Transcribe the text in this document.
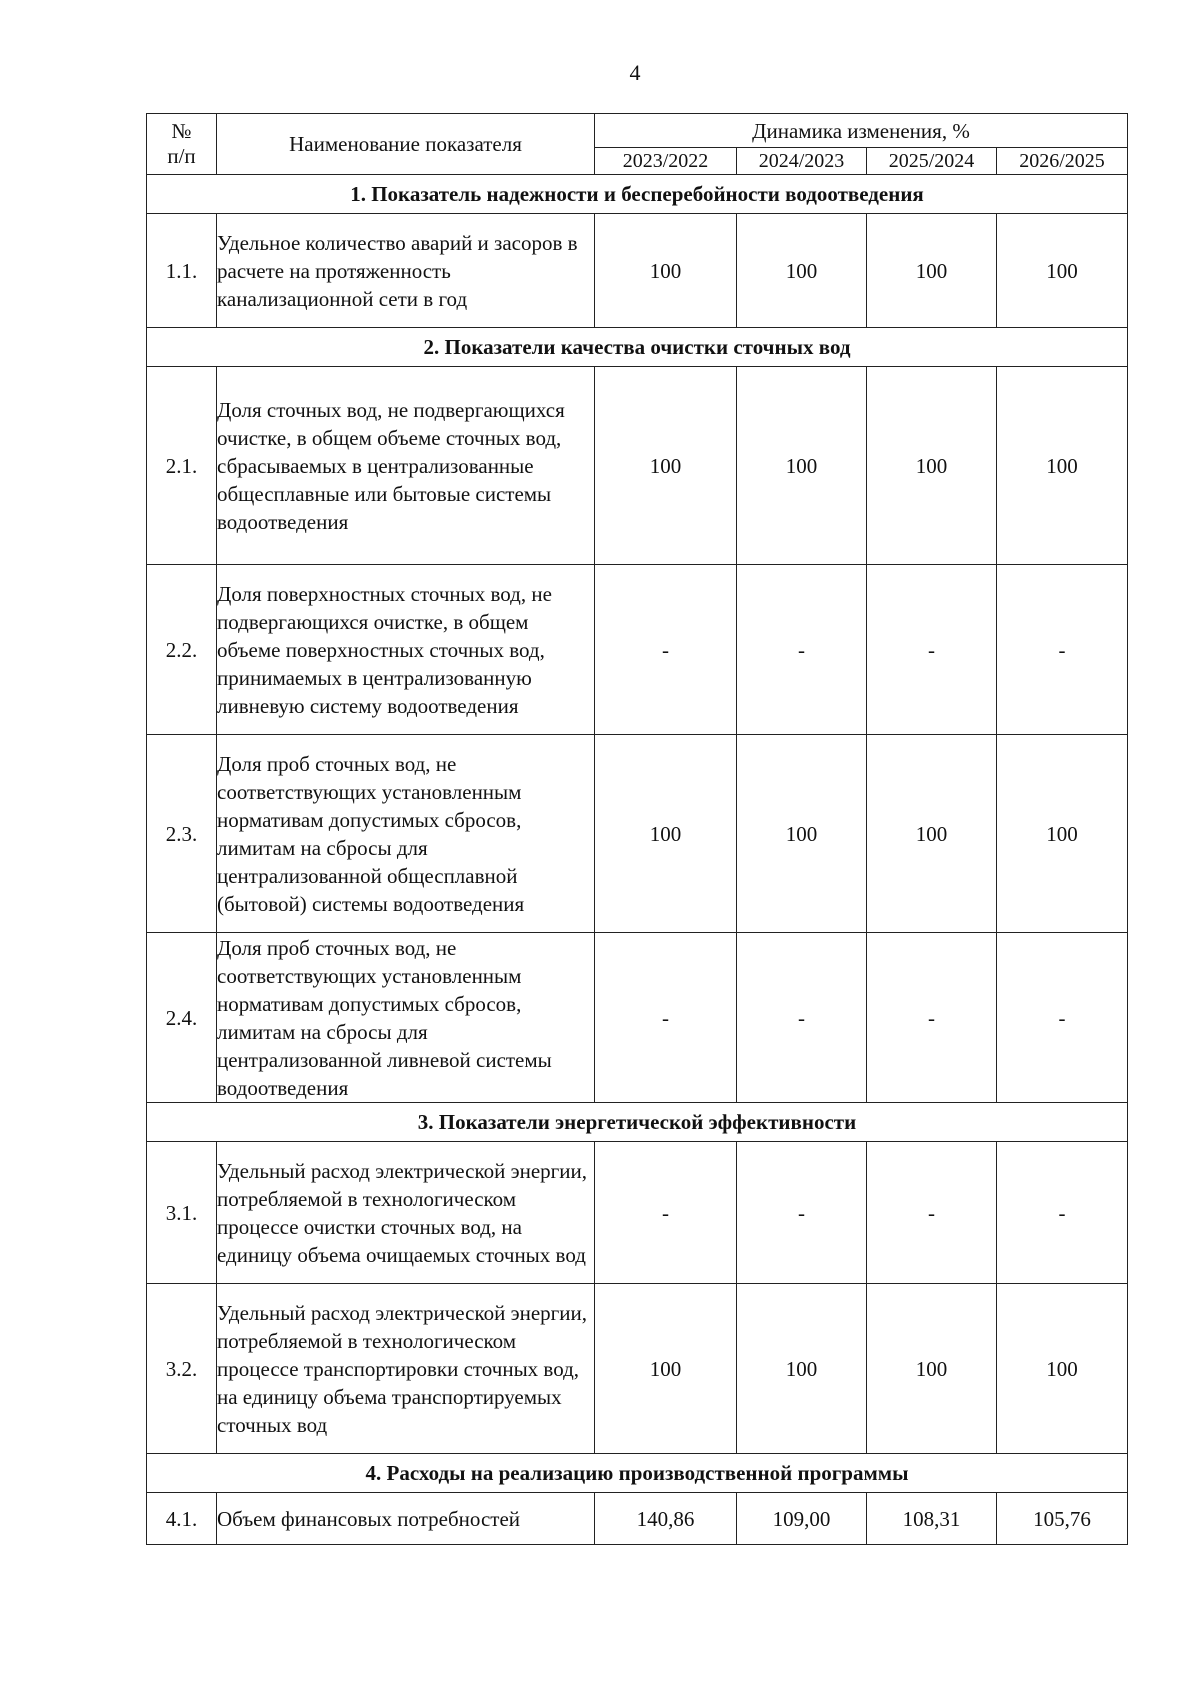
4
№
п/п	Наименование показателя	Динамика изменения, %			
		2023/2022	2024/2023	2025/2024	2026/2025
1. Показатель надежности и бесперебойности водоотведения					
1.1.	Удельное количество аварий и засоров в расчете на протяженность канализационной сети в год	100	100	100	100
2. Показатели качества очистки сточных вод					
2.1.	Доля сточных вод, не подвергающихся очистке, в общем объеме сточных вод, сбрасываемых в централизованные общесплавные или бытовые системы водоотведения	100	100	100	100
2.2.	Доля поверхностных сточных вод, не подвергающихся очистке, в общем объеме поверхностных сточных вод, принимаемых в централизованную ливневую систему водоотведения	-	-	-	-
2.3.	Доля проб сточных вод, не соответствующих установленным нормативам допустимых сбросов, лимитам на сбросы для централизованной общесплавной (бытовой) системы водоотведения	100	100	100	100
2.4.	Доля проб сточных вод, не соответствующих установленным нормативам допустимых сбросов, лимитам на сбросы для централизованной ливневой системы водоотведения	-	-	-	-
3. Показатели энергетической эффективности					
3.1.	Удельный расход электрической энергии, потребляемой в технологическом процессе очистки сточных вод, на единицу объема очищаемых сточных вод	-	-	-	-
3.2.	Удельный расход электрической энергии, потребляемой в технологическом процессе транспортировки сточных вод, на единицу объема транспортируемых сточных вод	100	100	100	100
4. Расходы на реализацию производственной программы					
4.1.	Объем финансовых потребностей	140,86	109,00	108,31	105,76
